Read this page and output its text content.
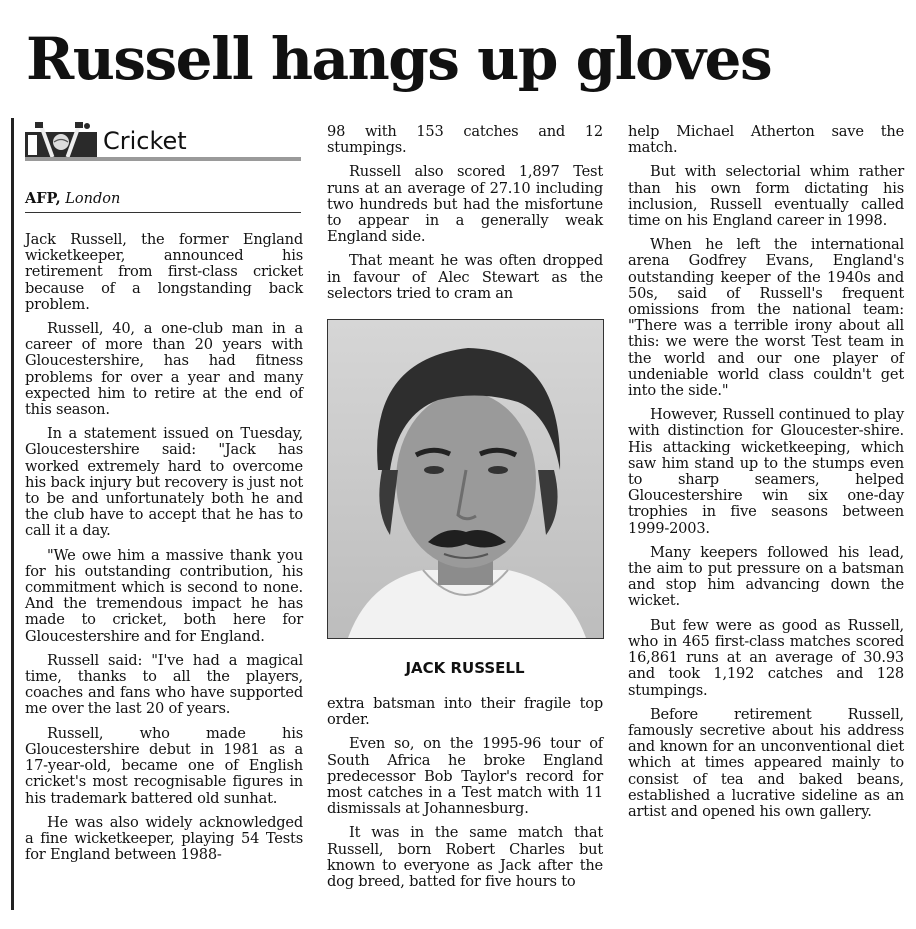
Russell hangs up gloves
Cricket
AFP, London

Jack Russell, the former England wicketkeeper, announced his retirement from first-class cricket because of a longstanding back problem.

Russell, 40, a one-club man in a career of more than 20 years with Gloucestershire, has had fitness problems for over a year and many expected him to retire at the end of this season.

In a statement issued on Tuesday, Gloucestershire said: "Jack has worked extremely hard to overcome his back injury but recovery is just not to be and unfortunately both he and the club have to accept that he has to call it a day.

"We owe him a massive thank you for his outstanding contribution, his commitment which is second to none. And the tremendous impact he has made to cricket, both here for Gloucestershire and for England.

Russell said: "I've had a magical time, thanks to all the players, coaches and fans who have supported me over the last 20 of years.

Russell, who made his Gloucestershire debut in 1981 as a 17-year-old, became one of English cricket's most recognisable figures in his trademark battered old sunhat.

He was also widely acknowledged a fine wicketkeeper, playing 54 Tests for England between 1988-

98 with 153 catches and 12 stumpings.

Russell also scored 1,897 Test runs at an average of 27.10 including two hundreds but had the misfortune to appear in a generally weak England side.

That meant he was often dropped in favour of Alec Stewart as the selectors tried to cram an

JACK RUSSELL

extra batsman into their fragile top order.

Even so, on the 1995-96 tour of South Africa he broke England predecessor Bob Taylor's record for most catches in a Test match with 11 dismissals at Johannesburg.

It was in the same match that Russell, born Robert Charles but known to everyone as Jack after the dog breed, batted for five hours to

help Michael Atherton save the match.

But with selectorial whim rather than his own form dictating his inclusion, Russell eventually called time on his England career in 1998.

When he left the international arena Godfrey Evans, England's outstanding keeper of the 1940s and 50s, said of Russell's frequent omissions from the national team: "There was a terrible irony about all this: we were the worst Test team in the world and our one player of undeniable world class couldn't get into the side."

However, Russell continued to play with distinction for Gloucester-shire. His attacking wicketkeeping, which saw him stand up to the stumps even to sharp seamers, helped Gloucestershire win six one-day trophies in five seasons between 1999-2003.

Many keepers followed his lead, the aim to put pressure on a batsman and stop him advancing down the wicket.

But few were as good as Russell, who in 465 first-class matches scored 16,861 runs at an average of 30.93 and took 1,192 catches and 128 stumpings.

Before retirement Russell, famously secretive about his address and known for an unconventional diet which at times appeared mainly to consist of tea and baked beans, established a lucrative sideline as an artist and opened his own gallery.
